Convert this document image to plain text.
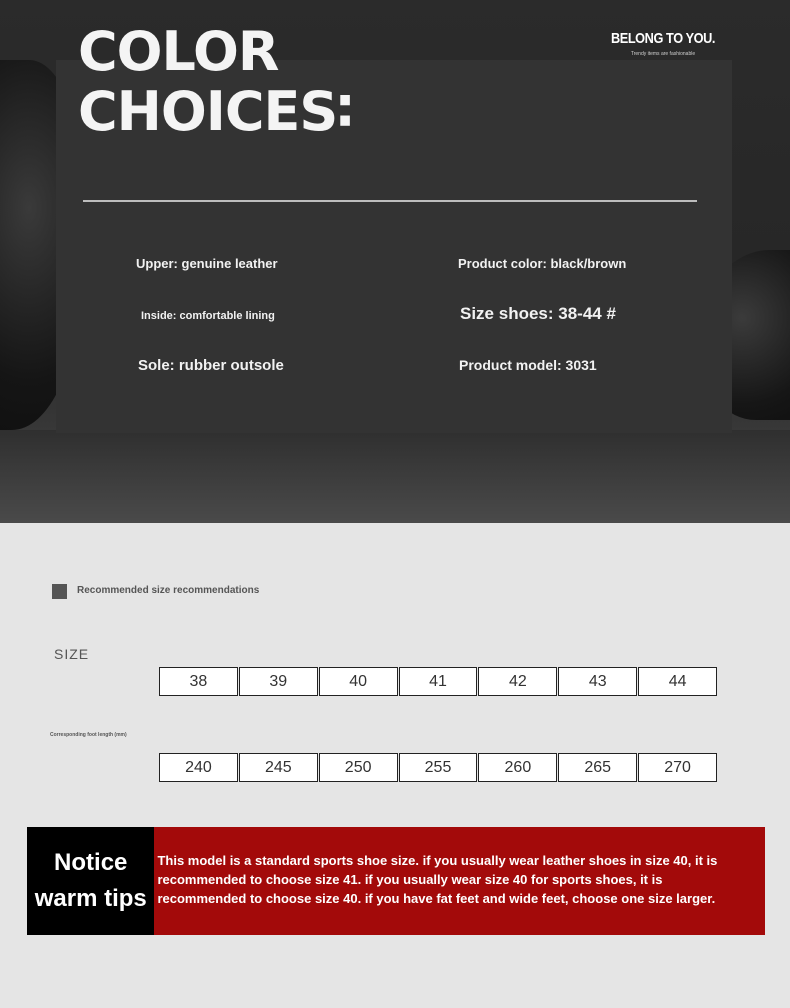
COLOR
CHOICES∶
BELONG TO YOU.
Trendy items are fashionable
Upper: genuine leather	Product color: black/brown
Inside: comfortable lining	Size shoes: 38-44 #
Sole: rubber outsole	Product model: 3031
Recommended size recommendations
SIZE
Corresponding foot length (mm)
38	39	40	41	42	43	44
240	245	250	255	260	265	270
Notice
warm tips
This model is a standard sports shoe size. if you usually wear leather shoes in size 40, it is recommended to choose size 41. if you usually wear size 40 for sports shoes, it is recommended to choose size 40. if you have fat feet and wide feet, choose one size larger.
